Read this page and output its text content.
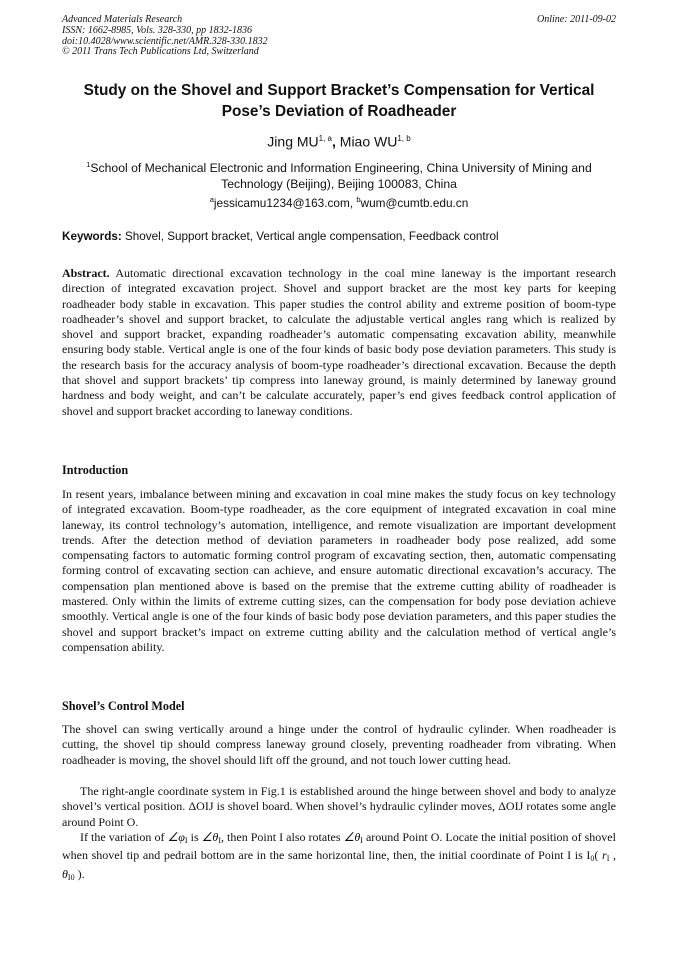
Advanced Materials Research
ISSN: 1662-8985, Vols. 328-330, pp 1832-1836
doi:10.4028/www.scientific.net/AMR.328-330.1832
© 2011 Trans Tech Publications Ltd, Switzerland
Online: 2011-09-02
Study on the Shovel and Support Bracket’s Compensation for Vertical Pose’s Deviation of Roadheader
Jing MU$^{1, a}$, Miao WU$^{1, b}$
$^1$School of Mechanical Electronic and Information Engineering, China University of Mining and Technology (Beijing), Beijing 100083, China
$^a$jessicamu1234@163.com, $^b$wum@cumtb.edu.cn
Keywords: Shovel, Support bracket, Vertical angle compensation, Feedback control

Abstract. Automatic directional excavation technology in the coal mine laneway is the important research direction of integrated excavation project. Shovel and support bracket are the most key parts for keeping roadheader body stable in excavation. This paper studies the control ability and extreme position of boom-type roadheader’s shovel and support bracket, to calculate the adjustable vertical angles rang which is realized by shovel and support bracket, expanding roadheader’s automatic compensating excavation ability, meanwhile ensuring body stable. Vertical angle is one of the four kinds of basic body pose deviation parameters. This study is the research basis for the accuracy analysis of boom-type roadheader’s directional excavation. Because the depth that shovel and support brackets’ tip compress into laneway ground, is mainly determined by laneway ground hardness and body weight, and can’t be calculate accurately, paper’s end gives feedback control application of shovel and support bracket according to laneway conditions.

Introduction

In resent years, imbalance between mining and excavation in coal mine makes the study focus on key technology of integrated excavation. Boom-type roadheader, as the core equipment of integrated excavation in coal mine laneway, its control technology’s automation, intelligence, and remote visualization are important development trends. After the detection method of deviation parameters in roadheader body pose realized, add some compensating factors to automatic forming control program of excavating section, then, automatic compensating forming control of excavating section can achieve, and ensure automatic directional excavation’s accuracy. The compensation plan mentioned above is based on the premise that the extreme cutting ability of roadheader is mastered. Only within the limits of extreme cutting sizes, can the compensation for body pose deviation achieve smoothly. Vertical angle is one of the four kinds of basic body pose deviation parameters, and this paper studies the shovel and support bracket’s impact on extreme cutting ability and the calculation method of vertical angle’s compensation ability.

Shovel’s Control Model

The shovel can swing vertically around a hinge under the control of hydraulic cylinder. When roadheader is cutting, the shovel tip should compress laneway ground closely, preventing roadheader from vibrating. When roadheader is moving, the shovel should lift off the ground, and not touch lower cutting head.

The right-angle coordinate system in Fig.1 is established around the hinge between shovel and body to analyze shovel’s vertical position. ΔOIJ is shovel board. When shovel’s hydraulic cylinder moves, ΔOIJ rotates some angle around Point O.

If the variation of $\angle\varphi_I$ is $\angle\theta_I$, then Point I also rotates $\angle\theta_I$ around Point O. Locate the initial position of shovel when shovel tip and pedrail bottom are in the same horizontal line, then, the initial coordinate of Point I is $I_0$( $r_I$ , $\theta_{I0}$ ).
